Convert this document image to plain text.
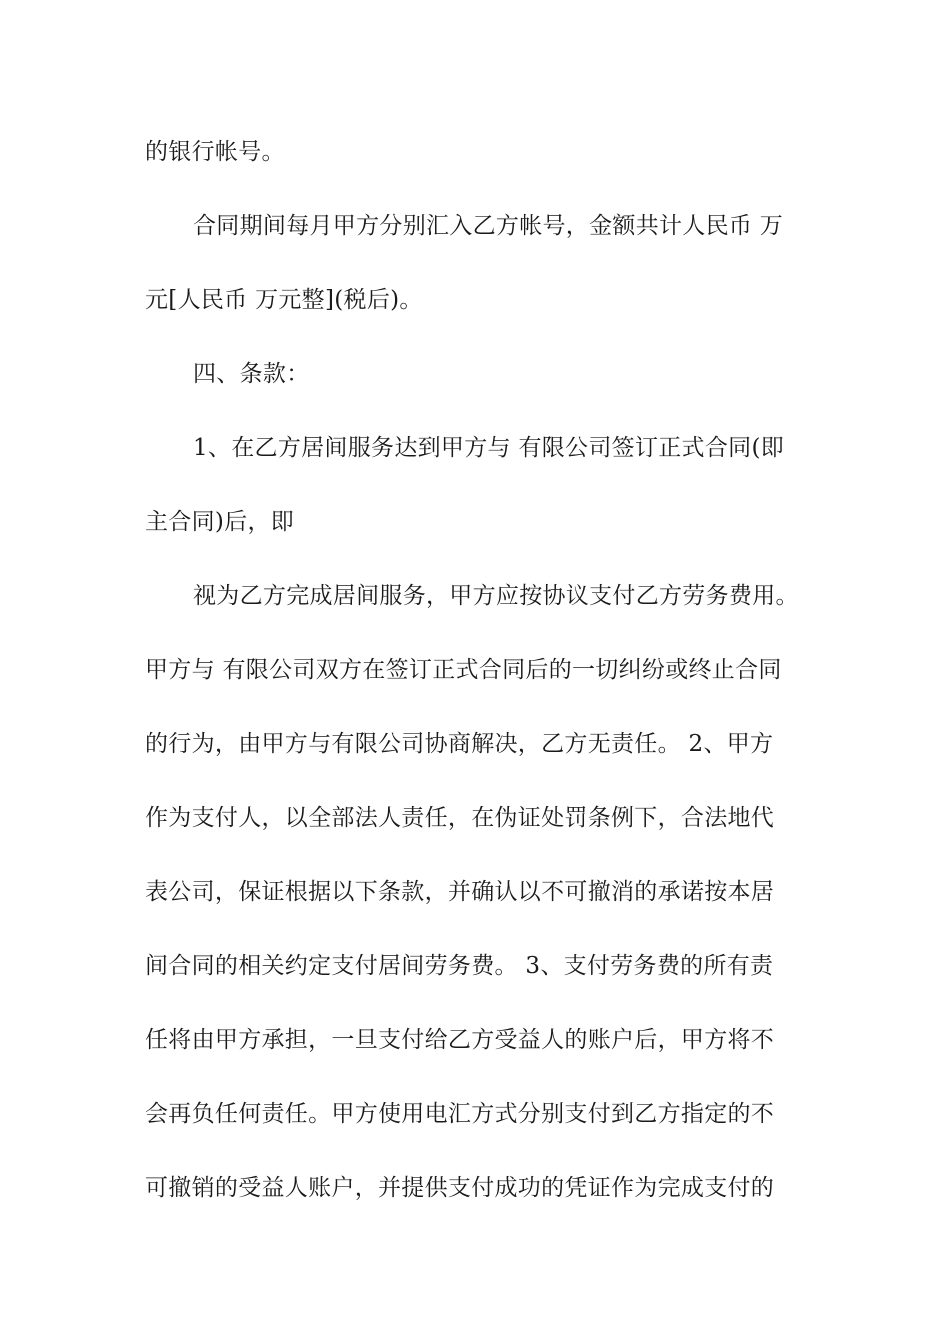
的银行帐号。
合同期间每月甲方分别汇入乙方帐号，金额共计人民币 万
元[人民币 万元整](税后)。
四、条款：
1、在乙方居间服务达到甲方与 有限公司签订正式合同(即
主合同)后，即
视为乙方完成居间服务，甲方应按协议支付乙方劳务费用。
甲方与 有限公司双方在签订正式合同后的一切纠纷或终止合同
的行为，由甲方与有限公司协商解决，乙方无责任。 2、甲方
作为支付人，以全部法人责任，在伪证处罚条例下，合法地代
表公司，保证根据以下条款，并确认以不可撤消的承诺按本居
间合同的相关约定支付居间劳务费。 3、支付劳务费的所有责
任将由甲方承担，一旦支付给乙方受益人的账户后，甲方将不
会再负任何责任。甲方使用电汇方式分别支付到乙方指定的不
可撤销的受益人账户，并提供支付成功的凭证作为完成支付的
